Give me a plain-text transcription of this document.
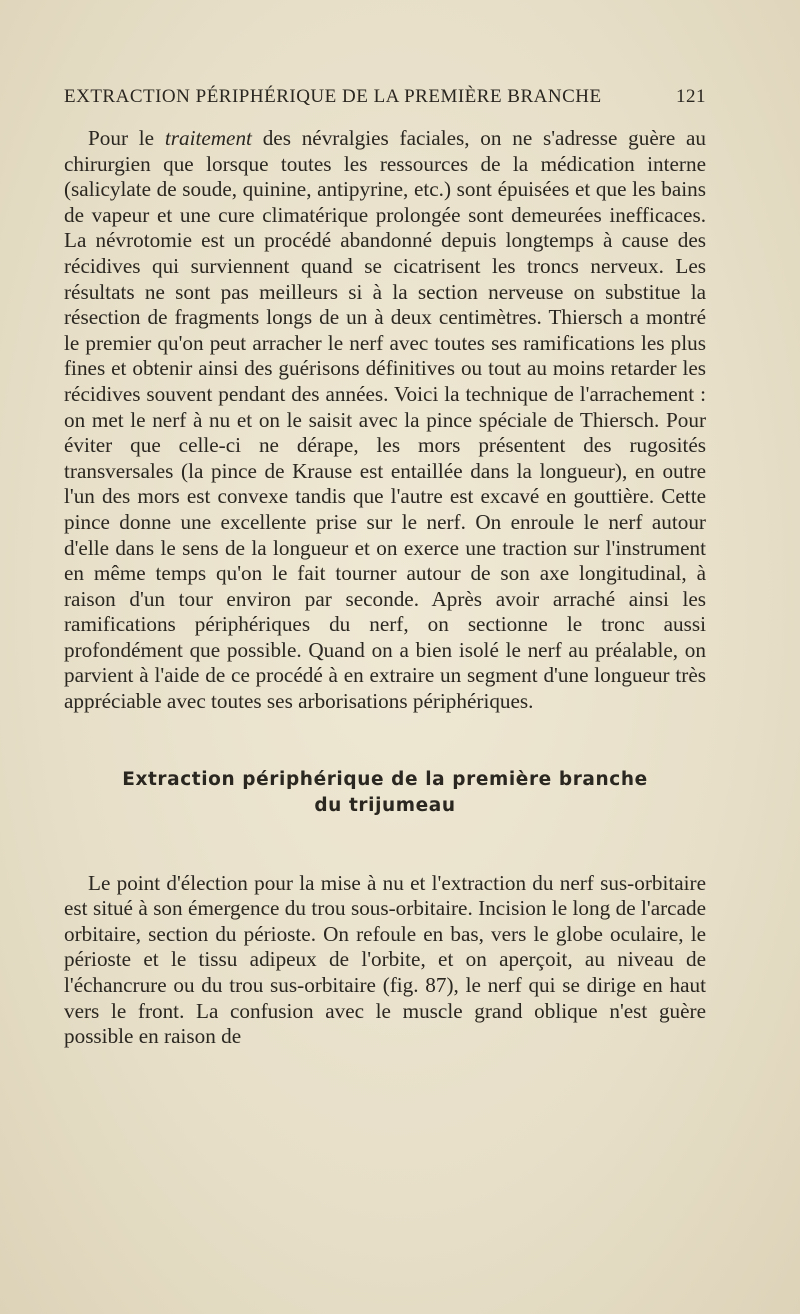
EXTRACTION PÉRIPHÉRIQUE DE LA PREMIÈRE BRANCHE	121

Pour le traitement des névralgies faciales, on ne s'adresse guère au chirurgien que lorsque toutes les ressources de la médication interne (salicylate de soude, quinine, antipyrine, etc.) sont épuisées et que les bains de vapeur et une cure climatérique prolongée sont demeurées inefficaces. La névrotomie est un procédé abandonné depuis longtemps à cause des récidives qui surviennent quand se cicatrisent les troncs nerveux. Les résultats ne sont pas meilleurs si à la section nerveuse on substitue la résection de fragments longs de un à deux centimètres. Thiersch a montré le premier qu'on peut arracher le nerf avec toutes ses ramifications les plus fines et obtenir ainsi des guérisons définitives ou tout au moins retarder les récidives souvent pendant des années. Voici la technique de l'arrachement : on met le nerf à nu et on le saisit avec la pince spéciale de Thiersch. Pour éviter que celle-ci ne dérape, les mors présentent des rugosités transversales (la pince de Krause est entaillée dans la longueur), en outre l'un des mors est convexe tandis que l'autre est excavé en gouttière. Cette pince donne une excellente prise sur le nerf. On enroule le nerf autour d'elle dans le sens de la longueur et on exerce une traction sur l'instrument en même temps qu'on le fait tourner autour de son axe longitudinal, à raison d'un tour environ par seconde. Après avoir arraché ainsi les ramifications périphériques du nerf, on sectionne le tronc aussi profondément que possible. Quand on a bien isolé le nerf au préalable, on parvient à l'aide de ce procédé à en extraire un segment d'une longueur très appréciable avec toutes ses arborisations périphériques.

Extraction périphérique de la première branche
du trijumeau

Le point d'élection pour la mise à nu et l'extraction du nerf sus-orbitaire est situé à son émergence du trou sous-orbitaire. Incision le long de l'arcade orbitaire, section du périoste. On refoule en bas, vers le globe oculaire, le périoste et le tissu adipeux de l'orbite, et on aperçoit, au niveau de l'échancrure ou du trou sus-orbitaire (fig. 87), le nerf qui se dirige en haut vers le front. La confusion avec le muscle grand oblique n'est guère possible en raison de
